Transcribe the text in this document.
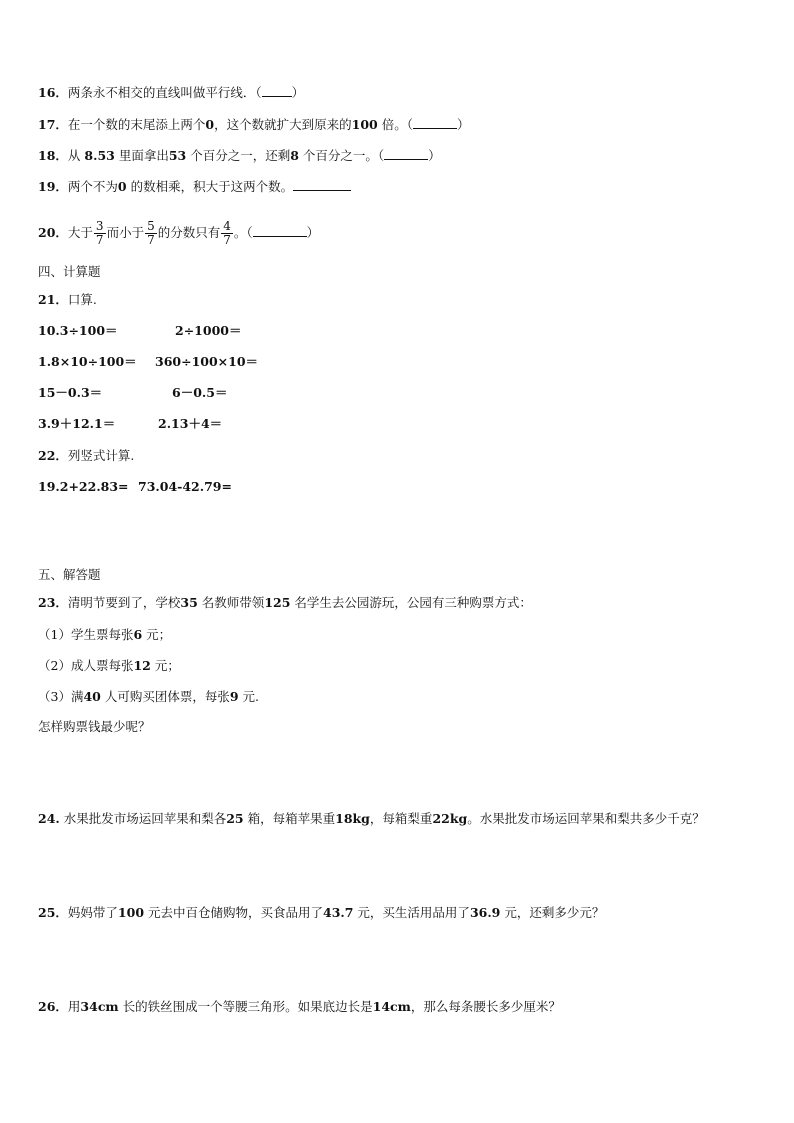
16．两条永不相交的直线叫做平行线．（ ）
17．在一个数的末尾添上两个0，这个数就扩大到原来的100 倍。（	）
18．从 8.53 里面拿出53 个百分之一，还剩8 个百分之一。（	）
19．两个不为0 的数相乘，积大于这两个数。
20．大于 $\frac{3}{7}$ 而小于 $\frac{5}{7}$ 的分数只有 $\frac{4}{7}$ 。（	）
四、计算题
21．口算.
10.3÷100＝	2÷1000＝
1.8×10÷100＝ 360÷100×10＝
15－0.3＝	6－0.5＝
3.9＋12.1＝	2.13＋4＝
22．列竖式计算.
19.2+22.83= 73.04-42.79=
五、解答题
23．清明节要到了，学校35 名教师带领125 名学生去公园游玩，公园有三种购票方式：
（1）学生票每张6 元；
（2）成人票每张12 元；
（3）满40 人可购买团体票，每张9 元.
怎样购票钱最少呢？
24. 水果批发市场运回苹果和梨各25 箱，每箱苹果重18kg，每箱梨重22kg。水果批发市场运回苹果和梨共多少千克？
25．妈妈带了100 元去中百仓储购物，买食品用了43.7 元，买生活用品用了36.9 元，还剩多少元？
26．用34cm 长的铁丝围成一个等腰三角形。如果底边长是14cm，那么每条腰长多少厘米？
